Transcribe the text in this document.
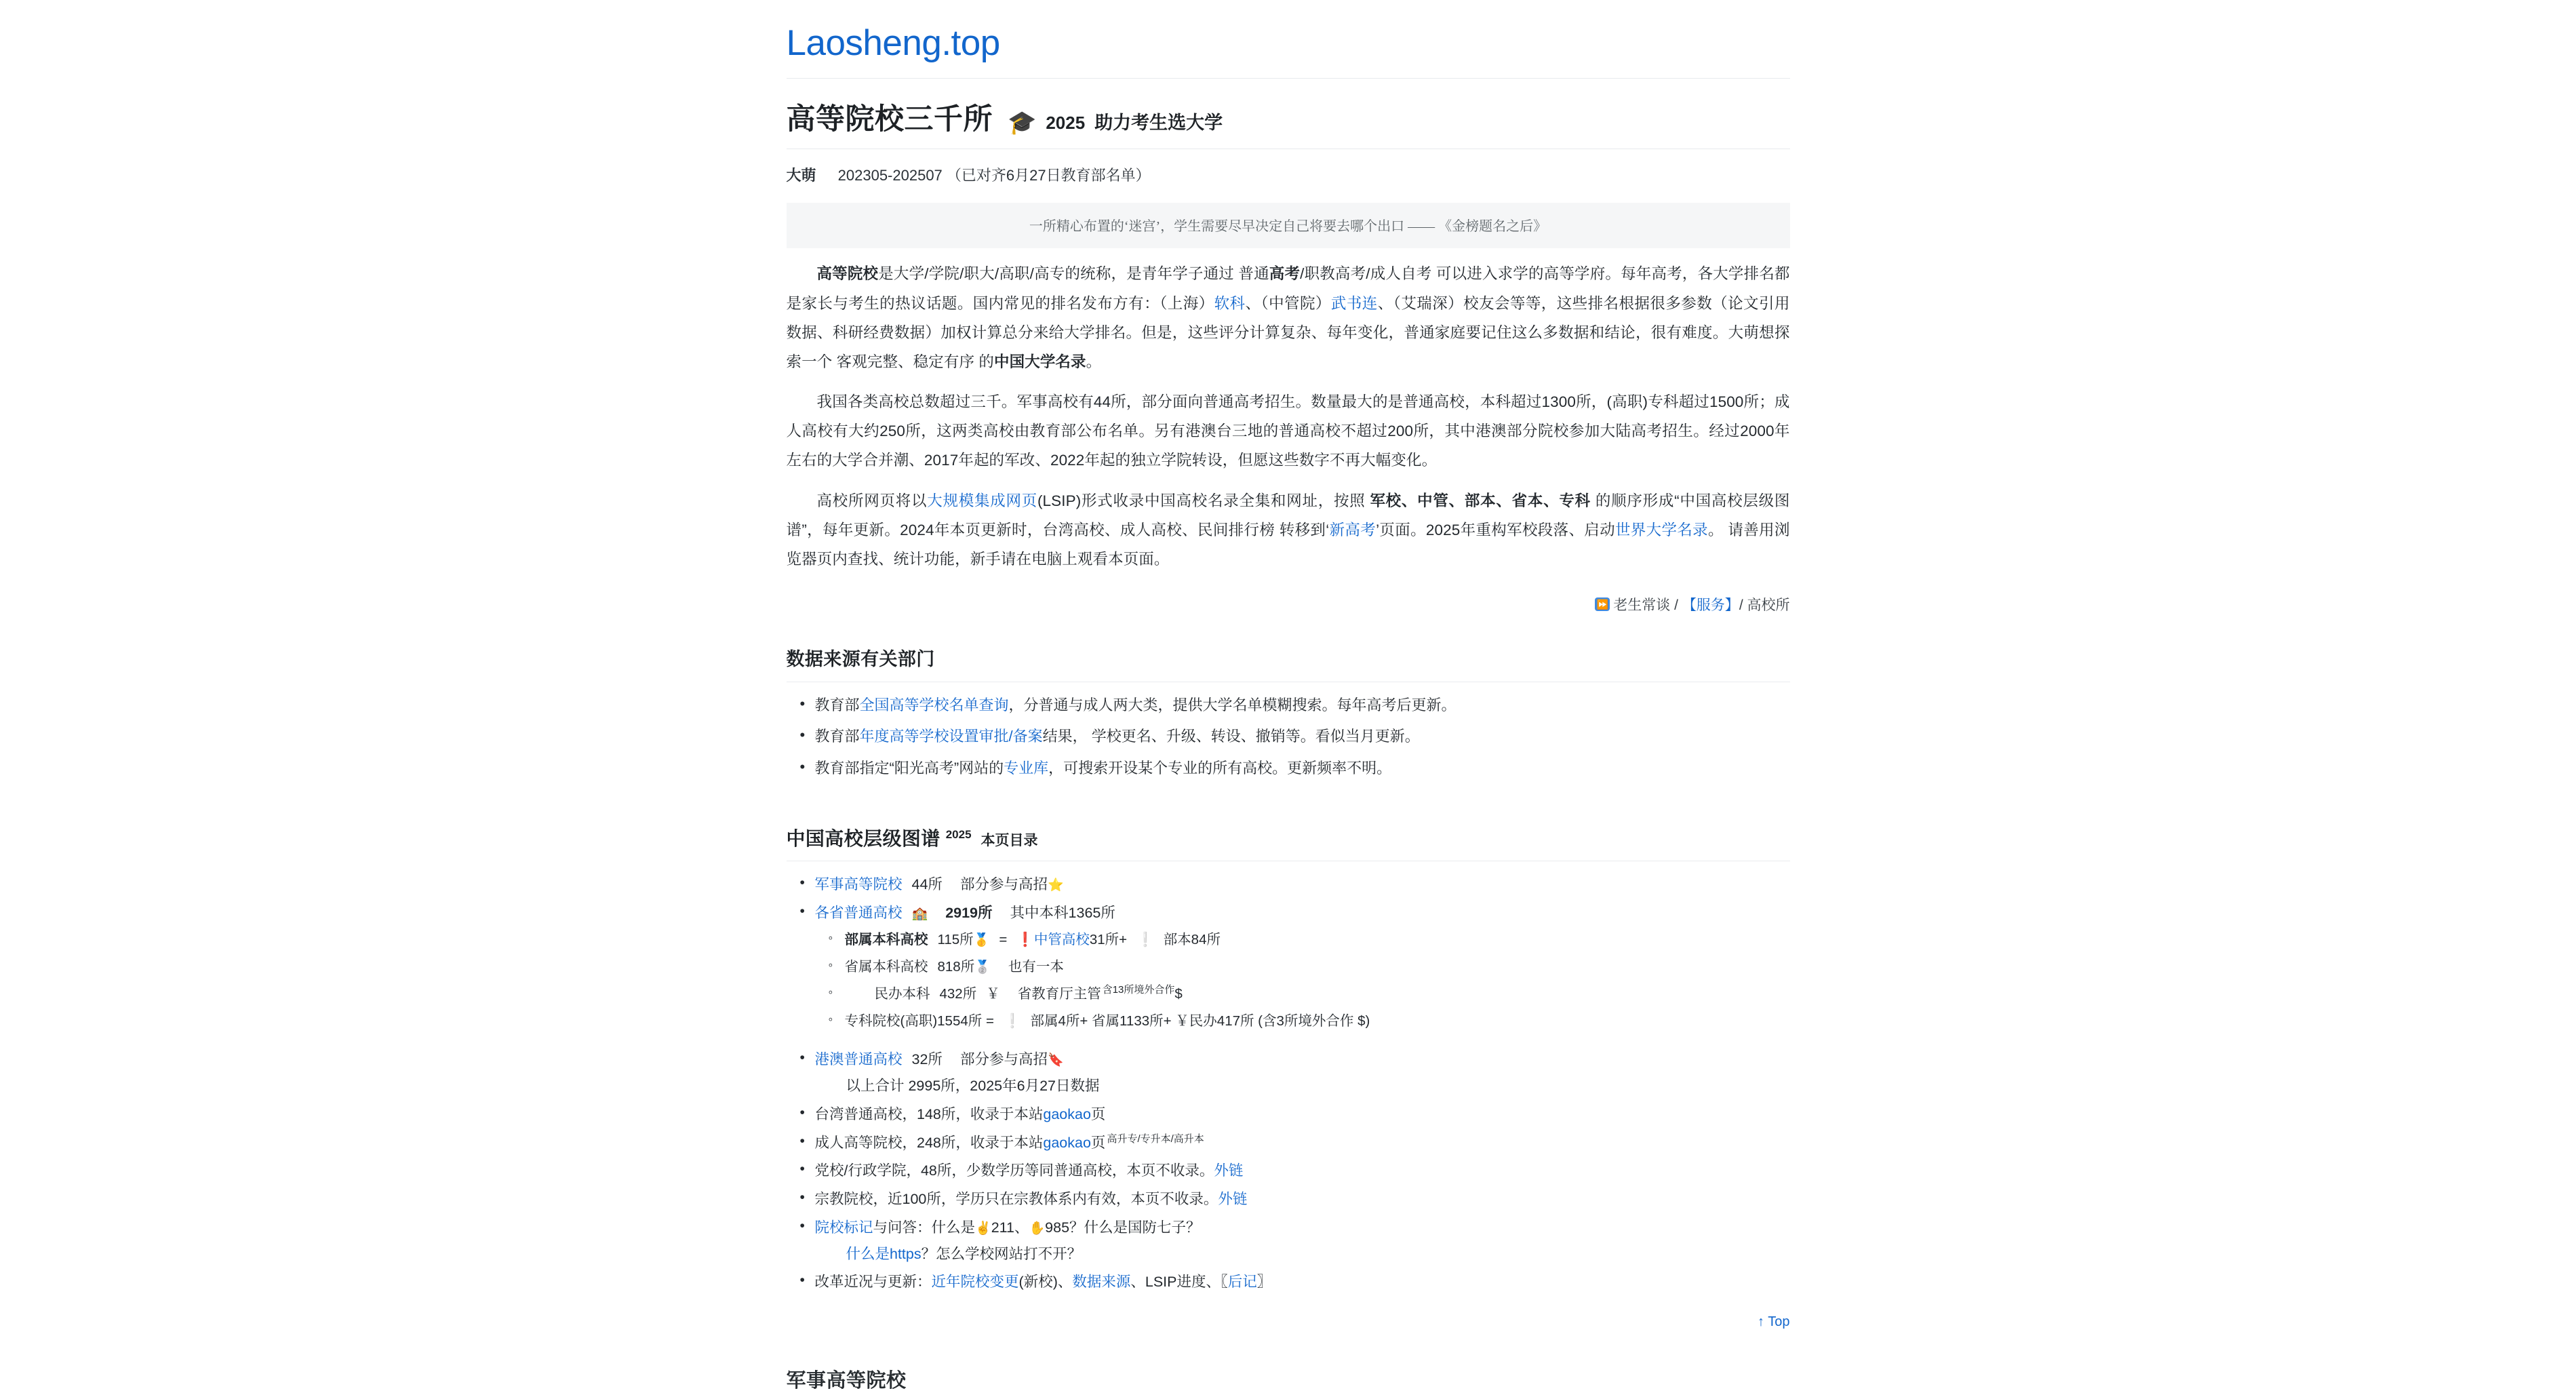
Laosheng.top
高等院校三千所 🎓 2025 助力考生选大学
大萌 202305-202507 （已对齐6月27日教育部名单）
一所精心布置的‘迷宫’，学生需要尽早决定自己将要去哪个出口 —— 《金榜题名之后》

高等院校是大学/学院/职大/高职/高专的统称，是青年学子通过 普通高考/职教高考/成人自考 可以进入求学的高等学府。每年高考，各大学排名都是家长与考生的热议话题。国内常见的排名发布方有：（上海）软科、（中管院）武书连、（艾瑞深）校友会等等，这些排名根据很多参数（论文引用数据、科研经费数据）加权计算总分来给大学排名。但是，这些评分计算复杂、每年变化，普通家庭要记住这么多数据和结论，很有难度。大萌想探索一个 客观完整、稳定有序 的中国大学名录。

我国各类高校总数超过三千。军事高校有44所，部分面向普通高考招生。数量最大的是普通高校，本科超过1300所，(高职)专科超过1500所；成人高校有大约250所，这两类高校由教育部公布名单。另有港澳台三地的普通高校不超过200所，其中港澳部分院校参加大陆高考招生。经过2000年左右的大学合并潮、2017年起的军改、2022年起的独立学院转设，但愿这些数字不再大幅变化。

高校所网页将以大规模集成网页(LSIP)形式收录中国高校名录全集和网址，按照 军校、中管、部本、省本、专科 的顺序形成“中国高校层级图谱”，每年更新。2024年本页更新时，台湾高校、成人高校、民间排行榜 转移到‘新高考’页面。2025年重构军校段落、启动世界大学名录。 请善用浏览器页内查找、统计功能，新手请在电脑上观看本页面。

⏩ 老生常谈 / 【服务】/ 高校所
数据来源有关部门
• 教育部全国高等学校名单查询，分普通与成人两大类，提供大学名单模糊搜索。每年高考后更新。
• 教育部年度高等学校设置审批/备案结果， 学校更名、升级、转设、撤销等。看似当月更新。
• 教育部指定“阳光高考”网站的专业库，可搜索开设某个专业的所有高校。更新频率不明。
中国高校层级图谱 2025 本页目录
• 军事高等院校 44所 部分参与高招⭐
• 各省普通高校 🏫 2919所 其中本科1365所
◦ 部属本科高校 115所🥇 = ❗中管高校31所+ ❕ 部本84所
◦ 省属本科高校 818所🥈 也有一本
◦ 民办本科 432所 ￥ 省教育厅主管 $^{含13所境外合作}$\$
◦ 专科院校(高职)1554所 = ❕ 部属4所+ 省属1133所+ ￥民办417所 (含3所境外合作 $)
• 港澳普通高校 32所 部分参与高招🔖
以上合计 2995所，2025年6月27日数据
• 台湾普通高校，148所，收录于本站gaokao页
• 成人高等院校，248所，收录于本站gaokao页 $^{高升专/专升本/高升本}$
• 党校/行政学院，48所，少数学历等同普通高校，本页不收录。外链
• 宗教院校，近100所，学历只在宗教体系内有效，本页不收录。外链
• 院校标记与问答：什么是✌️211、✋985？什么是国防七子？
什么是https？怎么学校网站打不开？
• 改革近况与更新：近年院校变更(新校)、数据来源、LSIP进度、〖后记〗
↑ Top
军事高等院校
